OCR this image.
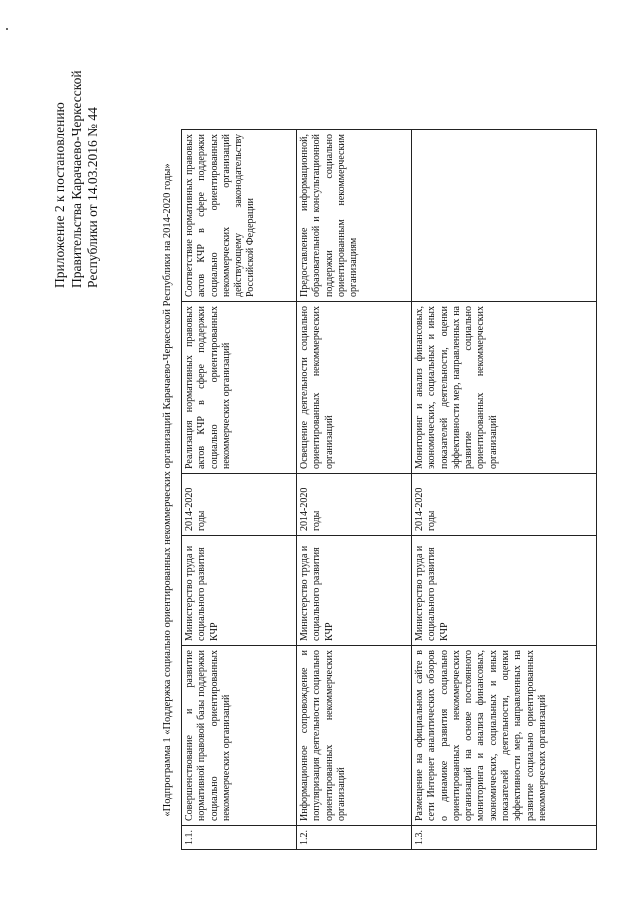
Приложение 2 к постановлению Правительства Карачаево-Черкесской Республики от 14.03.2016 № 44	«Подпрограмма 1 «Поддержка социально ориентированных некоммерческих организаций Карачаево-Черкесской Республики на 2014-2020 годы»
1.1.	Совершенствование и развитие нормативной правовой базы поддержки социально ориентированных некоммерческих организаций	Министерство труда и социального развития КЧР	2014-2020 годы	Реализация нормативных правовых актов КЧР в сфере поддержки социально ориентированных некоммерческих организаций	Соответствие нормативных правовых актов КЧР в сфере поддержки социально ориентированных некоммерческих организаций действующему законодательству Российской Федерации
1.2.	Информационное сопровождение и популяризация деятельности социально ориентированных некоммерческих организаций	Министерство труда и социального развития КЧР	2014-2020 годы	Освещение деятельности социально ориентированных некоммерческих организаций	Предоставление информационной, образовательной и консультационной поддержки социально ориентированным некоммерческим организациям
1.3.	Размещение на официальном сайте в сети Интернет аналитических обзоров о динамике развития социально ориентированных некоммерческих организаций на основе постоянного мониторинга и анализа финансовых, экономических, социальных и иных показателей деятельности, оценки эффективности мер, направленных на развитие социально ориентированных некоммерческих организаций	Министерство труда и социального развития КЧР	2014-2020 годы	Мониторинг и анализ финансовых, экономических, социальных и иных показателей деятельности, оценки эффективности мер, направленных на развитие социально ориентированных некоммерческих организаций	
